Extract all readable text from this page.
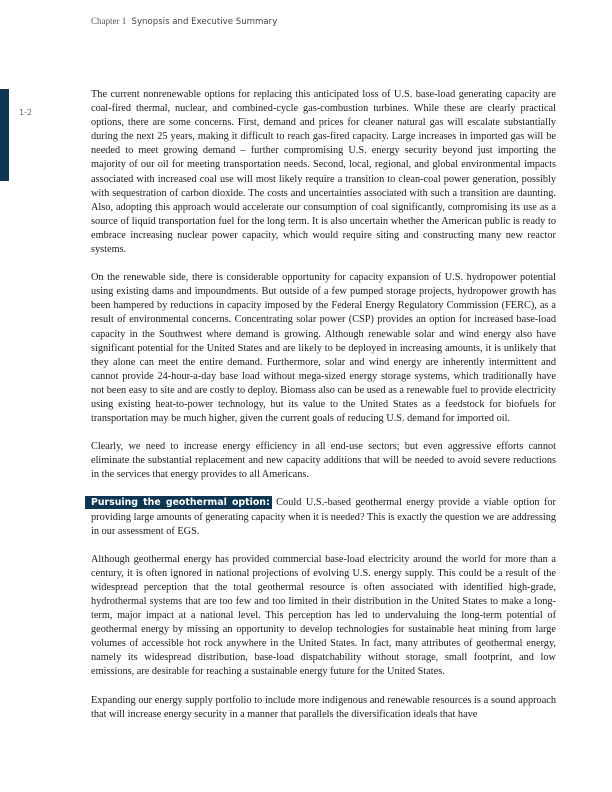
Chapter 1 Synopsis and Executive Summary
1-2

The current nonrenewable options for replacing this anticipated loss of U.S. base-load generating capacity are coal-fired thermal, nuclear, and combined-cycle gas-combustion turbines. While these are clearly practical options, there are some concerns. First, demand and prices for cleaner natural gas will escalate substantially during the next 25 years, making it difficult to reach gas-fired capacity. Large increases in imported gas will be needed to meet growing demand – further compromising U.S. energy security beyond just importing the majority of our oil for meeting transportation needs. Second, local, regional, and global environmental impacts associated with increased coal use will most likely require a transition to clean-coal power generation, possibly with sequestration of carbon dioxide. The costs and uncertainties associated with such a transition are daunting. Also, adopting this approach would accelerate our consumption of coal significantly, compromising its use as a source of liquid transportation fuel for the long term. It is also uncertain whether the American public is ready to embrace increasing nuclear power capacity, which would require siting and constructing many new reactor systems.

On the renewable side, there is considerable opportunity for capacity expansion of U.S. hydropower potential using existing dams and impoundments. But outside of a few pumped storage projects, hydropower growth has been hampered by reductions in capacity imposed by the Federal Energy Regulatory Commission (FERC), as a result of environmental concerns. Concentrating solar power (CSP) provides an option for increased base-load capacity in the Southwest where demand is growing. Although renewable solar and wind energy also have significant potential for the United States and are likely to be deployed in increasing amounts, it is unlikely that they alone can meet the entire demand. Furthermore, solar and wind energy are inherently intermittent and cannot provide 24-hour-a-day base load without mega-sized energy storage systems, which traditionally have not been easy to site and are costly to deploy. Biomass also can be used as a renewable fuel to provide electricity using existing heat-to-power technology, but its value to the United States as a feedstock for biofuels for transportation may be much higher, given the current goals of reducing U.S. demand for imported oil.

Clearly, we need to increase energy efficiency in all end-use sectors; but even aggressive efforts cannot eliminate the substantial replacement and new capacity additions that will be needed to avoid severe reductions in the services that energy provides to all Americans.

Pursuing the geothermal option: Could U.S.-based geothermal energy provide a viable option for providing large amounts of generating capacity when it is needed? This is exactly the question we are addressing in our assessment of EGS.

Although geothermal energy has provided commercial base-load electricity around the world for more than a century, it is often ignored in national projections of evolving U.S. energy supply. This could be a result of the widespread perception that the total geothermal resource is often associated with identified high-grade, hydrothermal systems that are too few and too limited in their distribution in the United States to make a long-term, major impact at a national level. This perception has led to undervaluing the long-term potential of geothermal energy by missing an opportunity to develop technologies for sustainable heat mining from large volumes of accessible hot rock anywhere in the United States. In fact, many attributes of geothermal energy, namely its widespread distribution, base-load dispatchability without storage, small footprint, and low emissions, are desirable for reaching a sustainable energy future for the United States.

Expanding our energy supply portfolio to include more indigenous and renewable resources is a sound approach that will increase energy security in a manner that parallels the diversification ideals that have
